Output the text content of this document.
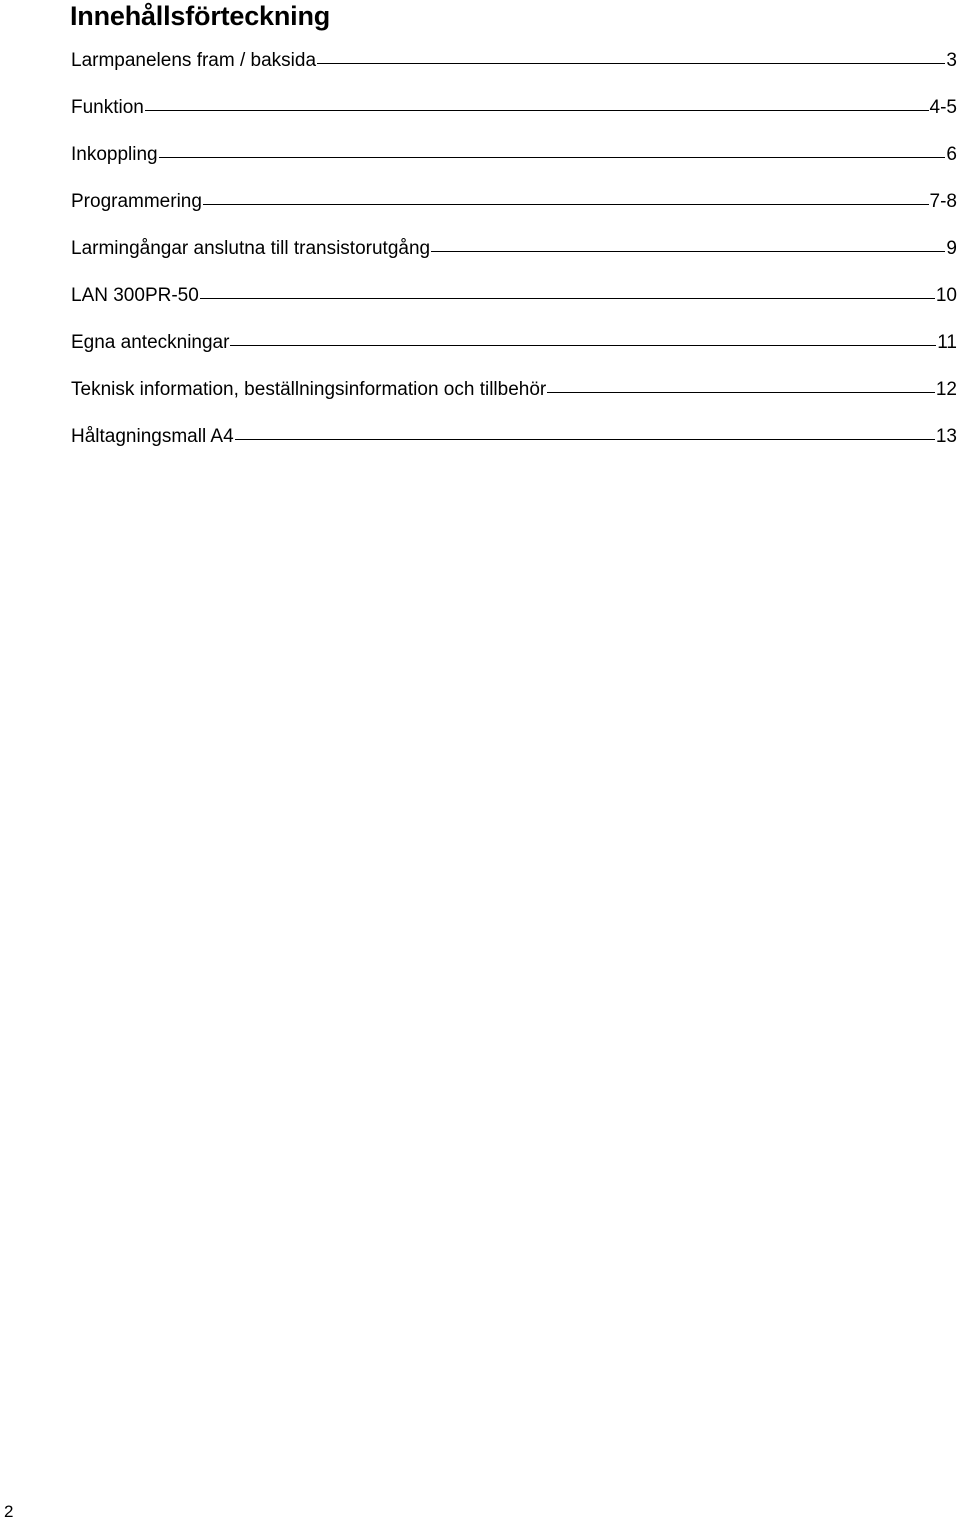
Innehållsförteckning
Larmpanelens fram / baksida	3
Funktion	4-5
Inkoppling	6
Programmering	7-8
Larmingångar anslutna till transistorutgång	9
LAN 300PR-50	10
Egna anteckningar	11
Teknisk information, beställningsinformation och tillbehör	12
Håltagningsmall A4	13
2
